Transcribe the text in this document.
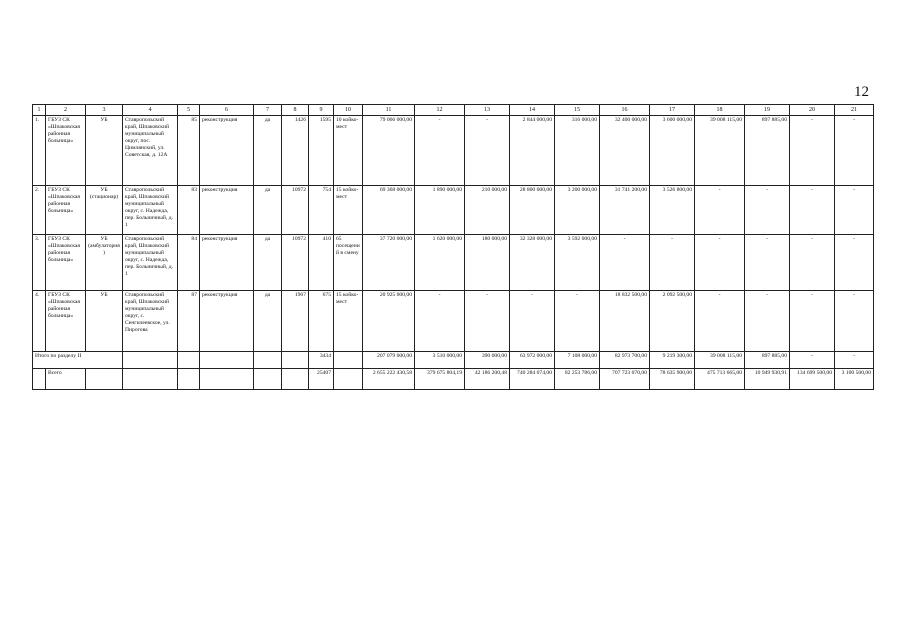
12
1	2	3	4	5	6	7	8	9	10	11	12	13	14	15	16	17	18	19	20	21
1.	ГБУЗ СК «Шпаковская районная больница»	УБ	Ставропольский край, Шпаковский муниципальный округ, пос. Цимлянский, ул. Советская, д. 12А	85	реконструкция	да	1426	1595	10 койко-мест	79 066 000,00	-	-	2 844 000,00	316 000,00	32 400 000,00	3 600 000,00	39 008 115,00	897 885,00	-	-
2.	ГБУЗ СК «Шпаковская районная больница»	УБ (стационар)	Ставропольский край, Шпаковский муниципальный округ, с. Надежда, пер. Больничный, д. 1	83	реконструкция	да	10972	754	15 койко-мест	69 368 000,00	1 890 000,00	210 000,00	28 800 000,00	3 200 000,00	31 741 200,00	3 526 800,00	-	-	-	-
3.	ГБУЗ СК «Шпаковская районная больница»	УБ (амбулатория)	Ставропольский край, Шпаковский муниципальный округ, с. Надежда, пер. Больничный, д. 1	84	реконструкция	да	10972	410	65 посещений в смену	37 720 000,00	1 620 000,00	180 000,00	32 328 000,00	3 592 000,00	-	-	-	-	-	-
4.	ГБУЗ СК «Шпаковская районная больница»	УБ	Ставропольский край, Шпаковский муниципальный округ, с. Сенгилеевское, ул. Пирогова	87	реконструкция	да	1967	675	15 койко-мест	20 925 000,00	-	-	-	-	18 832 500,00	2 092 500,00	-	-	-	-
Итого по разделу II								3434		207 079 000,00	3 510 000,00	390 000,00	63 972 000,00	7 108 000,00	82 973 700,00	9 219 300,00	39 008 115,00	897 885,00	-	-
	Всего							25407		2 655 222 430,58	379 675 804,19	42 186 200,48	740 284 074,00	82 253 786,00	707 723 070,00	78 635 900,00	475 713 665,00	10 949 930,91	134 699 500,00	3 100 500,00
